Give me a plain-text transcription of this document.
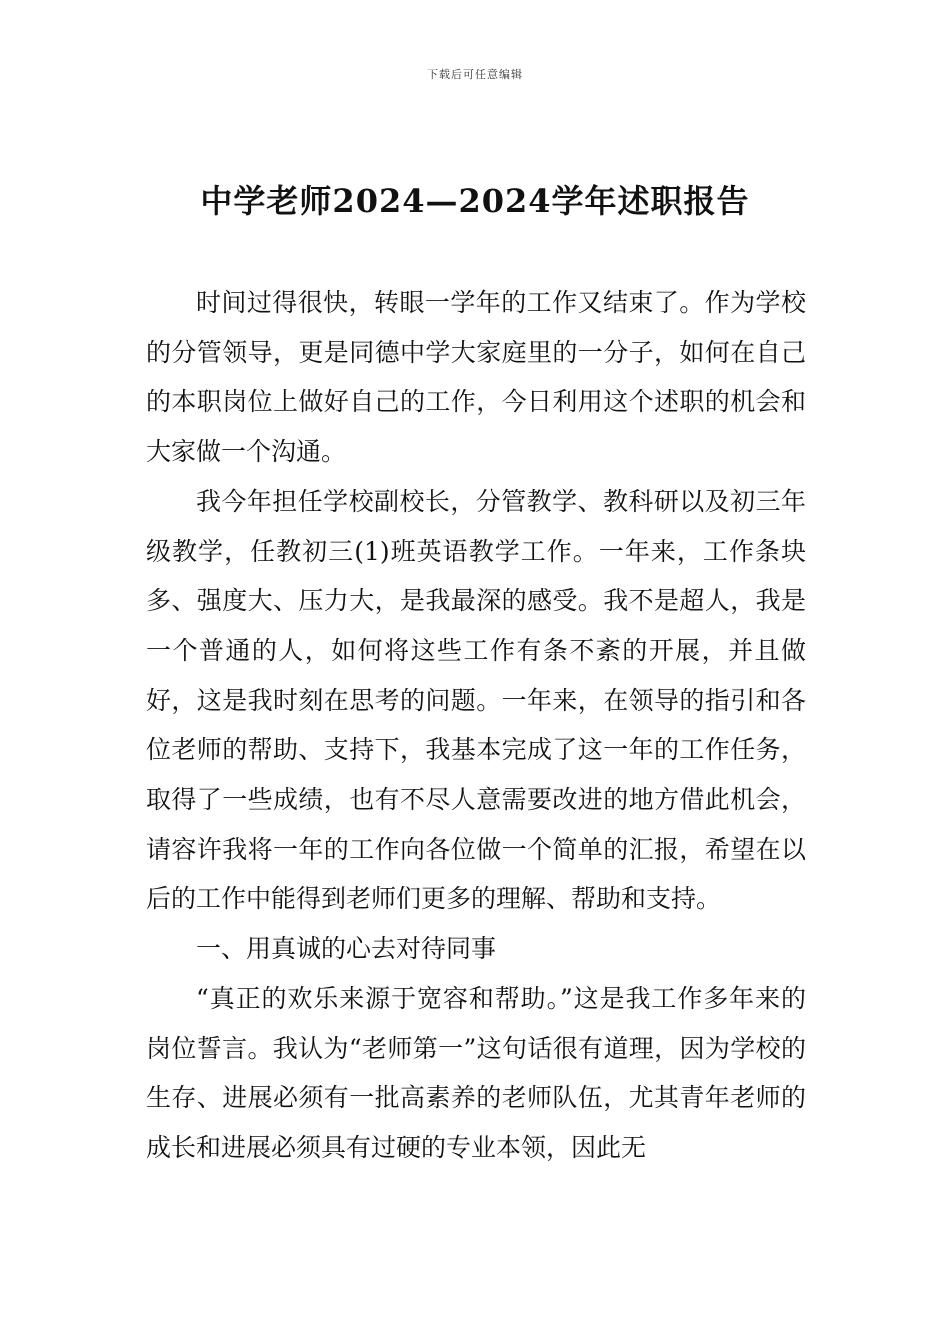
下载后可任意编辑
中学老师2024—2024学年述职报告

时间过得很快，转眼一学年的工作又结束了。作为学校的分管领导，更是同德中学大家庭里的一分子，如何在自己的本职岗位上做好自己的工作，今日利用这个述职的机会和大家做一个沟通。

我今年担任学校副校长，分管教学、教科研以及初三年级教学，任教初三(1)班英语教学工作。一年来，工作条块多、强度大、压力大，是我最深的感受。我不是超人，我是一个普通的人，如何将这些工作有条不紊的开展，并且做好，这是我时刻在思考的问题。一年来，在领导的指引和各位老师的帮助、支持下，我基本完成了这一年的工作任务，取得了一些成绩，也有不尽人意需要改进的地方借此机会，请容许我将一年的工作向各位做一个简单的汇报，希望在以后的工作中能得到老师们更多的理解、帮助和支持。

一、用真诚的心去对待同事

“真正的欢乐来源于宽容和帮助。”这是我工作多年来的岗位誓言。我认为“老师第一”这句话很有道理，因为学校的生存、进展必须有一批高素养的老师队伍，尤其青年老师的成长和进展必须具有过硬的专业本领，因此无
